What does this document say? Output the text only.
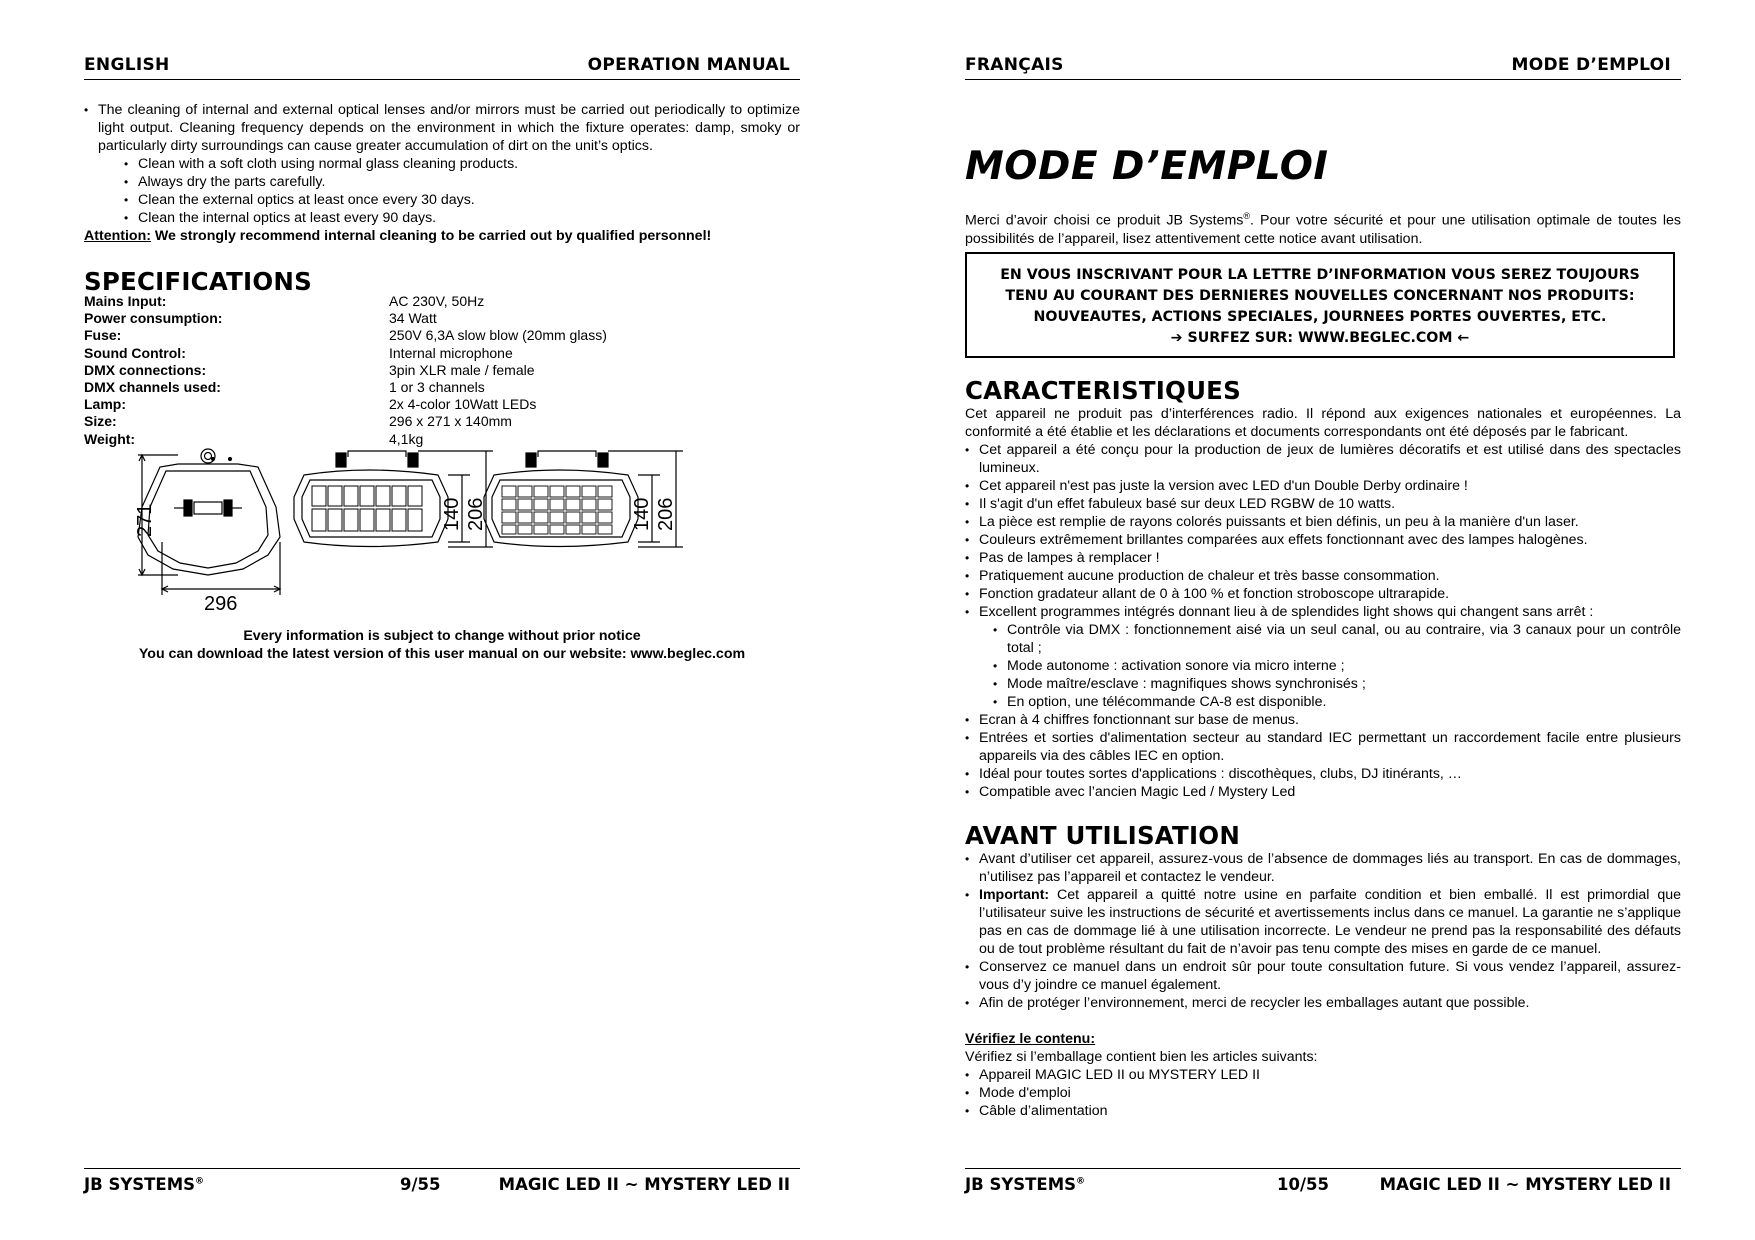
ENGLISH	OPERATION MANUAL
• The cleaning of internal and external optical lenses and/or mirrors must be carried out periodically to optimize light output. Cleaning frequency depends on the environment in which the fixture operates: damp, smoky or particularly dirty surroundings can cause greater accumulation of dirt on the unit’s optics.
• Clean with a soft cloth using normal glass cleaning products.
• Always dry the parts carefully.
• Clean the external optics at least once every 30 days.
• Clean the internal optics at least every 90 days.
Attention: We strongly recommend internal cleaning to be carried out by qualified personnel!
SPECIFICATIONS
Mains Input:	AC 230V, 50Hz
Power consumption:	34 Watt
Fuse:	250V 6,3A slow blow (20mm glass)
Sound Control:	Internal microphone
DMX connections:	3pin XLR male / female
DMX channels used:	1 or 3 channels
Lamp:	2x 4-color 10Watt LEDs
Size:	296 x 271 x 140mm
Weight:	4,1kg
271
296
140 206	140 206
Every information is subject to change without prior notice
You can download the latest version of this user manual on our website: www.beglec.com
JB SYSTEMS®	9/55	MAGIC LED II ~ MYSTERY LED II
FRANÇAIS	MODE D’EMPLOI
MODE D’EMPLOI
Merci d’avoir choisi ce produit JB Systems®. Pour votre sécurité et pour une utilisation optimale de toutes les possibilités de l’appareil, lisez attentivement cette notice avant utilisation.
EN VOUS INSCRIVANT POUR LA LETTRE D’INFORMATION VOUS SEREZ TOUJOURS
TENU AU COURANT DES DERNIERES NOUVELLES CONCERNANT NOS PRODUITS:
NOUVEAUTES, ACTIONS SPECIALES, JOURNEES PORTES OUVERTES, ETC.
➔ SURFEZ SUR: WWW.BEGLEC.COM ←
CARACTERISTIQUES
Cet appareil ne produit pas d’interférences radio. Il répond aux exigences nationales et européennes. La conformité a été établie et les déclarations et documents correspondants ont été déposés par le fabricant.
• Cet appareil a été conçu pour la production de jeux de lumières décoratifs et est utilisé dans des spectacles lumineux.
• Cet appareil n'est pas juste la version avec LED d'un Double Derby ordinaire !
• Il s'agit d'un effet fabuleux basé sur deux LED RGBW de 10 watts.
• La pièce est remplie de rayons colorés puissants et bien définis, un peu à la manière d'un laser.
• Couleurs extrêmement brillantes comparées aux effets fonctionnant avec des lampes halogènes.
• Pas de lampes à remplacer !
• Pratiquement aucune production de chaleur et très basse consommation.
• Fonction gradateur allant de 0 à 100 % et fonction stroboscope ultrarapide.
• Excellent programmes intégrés donnant lieu à de splendides light shows qui changent sans arrêt :
• Contrôle via DMX : fonctionnement aisé via un seul canal, ou au contraire, via 3 canaux pour un contrôle total ;
• Mode autonome : activation sonore via micro interne ;
• Mode maître/esclave : magnifiques shows synchronisés ;
• En option, une télécommande CA-8 est disponible.
• Ecran à 4 chiffres fonctionnant sur base de menus.
• Entrées et sorties d'alimentation secteur au standard IEC permettant un raccordement facile entre plusieurs appareils via des câbles IEC en option.
• Idéal pour toutes sortes d'applications : discothèques, clubs, DJ itinérants, …
• Compatible avec l’ancien Magic Led / Mystery Led
AVANT UTILISATION
• Avant d’utiliser cet appareil, assurez-vous de l’absence de dommages liés au transport. En cas de dommages, n’utilisez pas l’appareil et contactez le vendeur.
• Important: Cet appareil a quitté notre usine en parfaite condition et bien emballé. Il est primordial que l’utilisateur suive les instructions de sécurité et avertissements inclus dans ce manuel. La garantie ne s’applique pas en cas de dommage lié à une utilisation incorrecte. Le vendeur ne prend pas la responsabilité des défauts ou de tout problème résultant du fait de n’avoir pas tenu compte des mises en garde de ce manuel.
• Conservez ce manuel dans un endroit sûr pour toute consultation future. Si vous vendez l’appareil, assurez-vous d’y joindre ce manuel également.
• Afin de protéger l’environnement, merci de recycler les emballages autant que possible.
Vérifiez le contenu:
Vérifiez si l’emballage contient bien les articles suivants:
• Appareil MAGIC LED II ou MYSTERY LED II
• Mode d'emploi
• Câble d’alimentation
JB SYSTEMS®	10/55	MAGIC LED II ~ MYSTERY LED II
